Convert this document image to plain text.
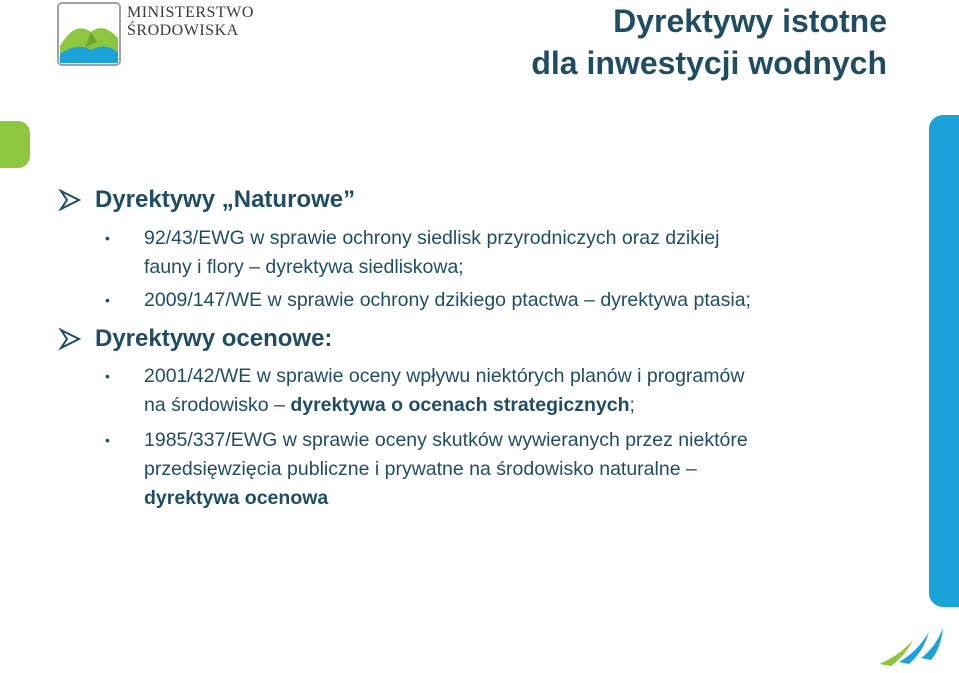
MINISTERSTWO
ŚRODOWISKA	Dyrektywy istotne
dla inwestycji wodnych
Dyrektywy „Naturowe”
• 92/43/EWG w sprawie ochrony siedlisk przyrodniczych oraz dzikiej
fauny i flory – dyrektywa siedliskowa;
• 2009/147/WE w sprawie ochrony dzikiego ptactwa – dyrektywa ptasia;
Dyrektywy ocenowe:
• 2001/42/WE w sprawie oceny wpływu niektórych planów i programów
na środowisko – dyrektywa o ocenach strategicznych;
• 1985/337/EWG w sprawie oceny skutków wywieranych przez niektóre
przedsięwzięcia publiczne i prywatne na środowisko naturalne –
dyrektywa ocenowa
